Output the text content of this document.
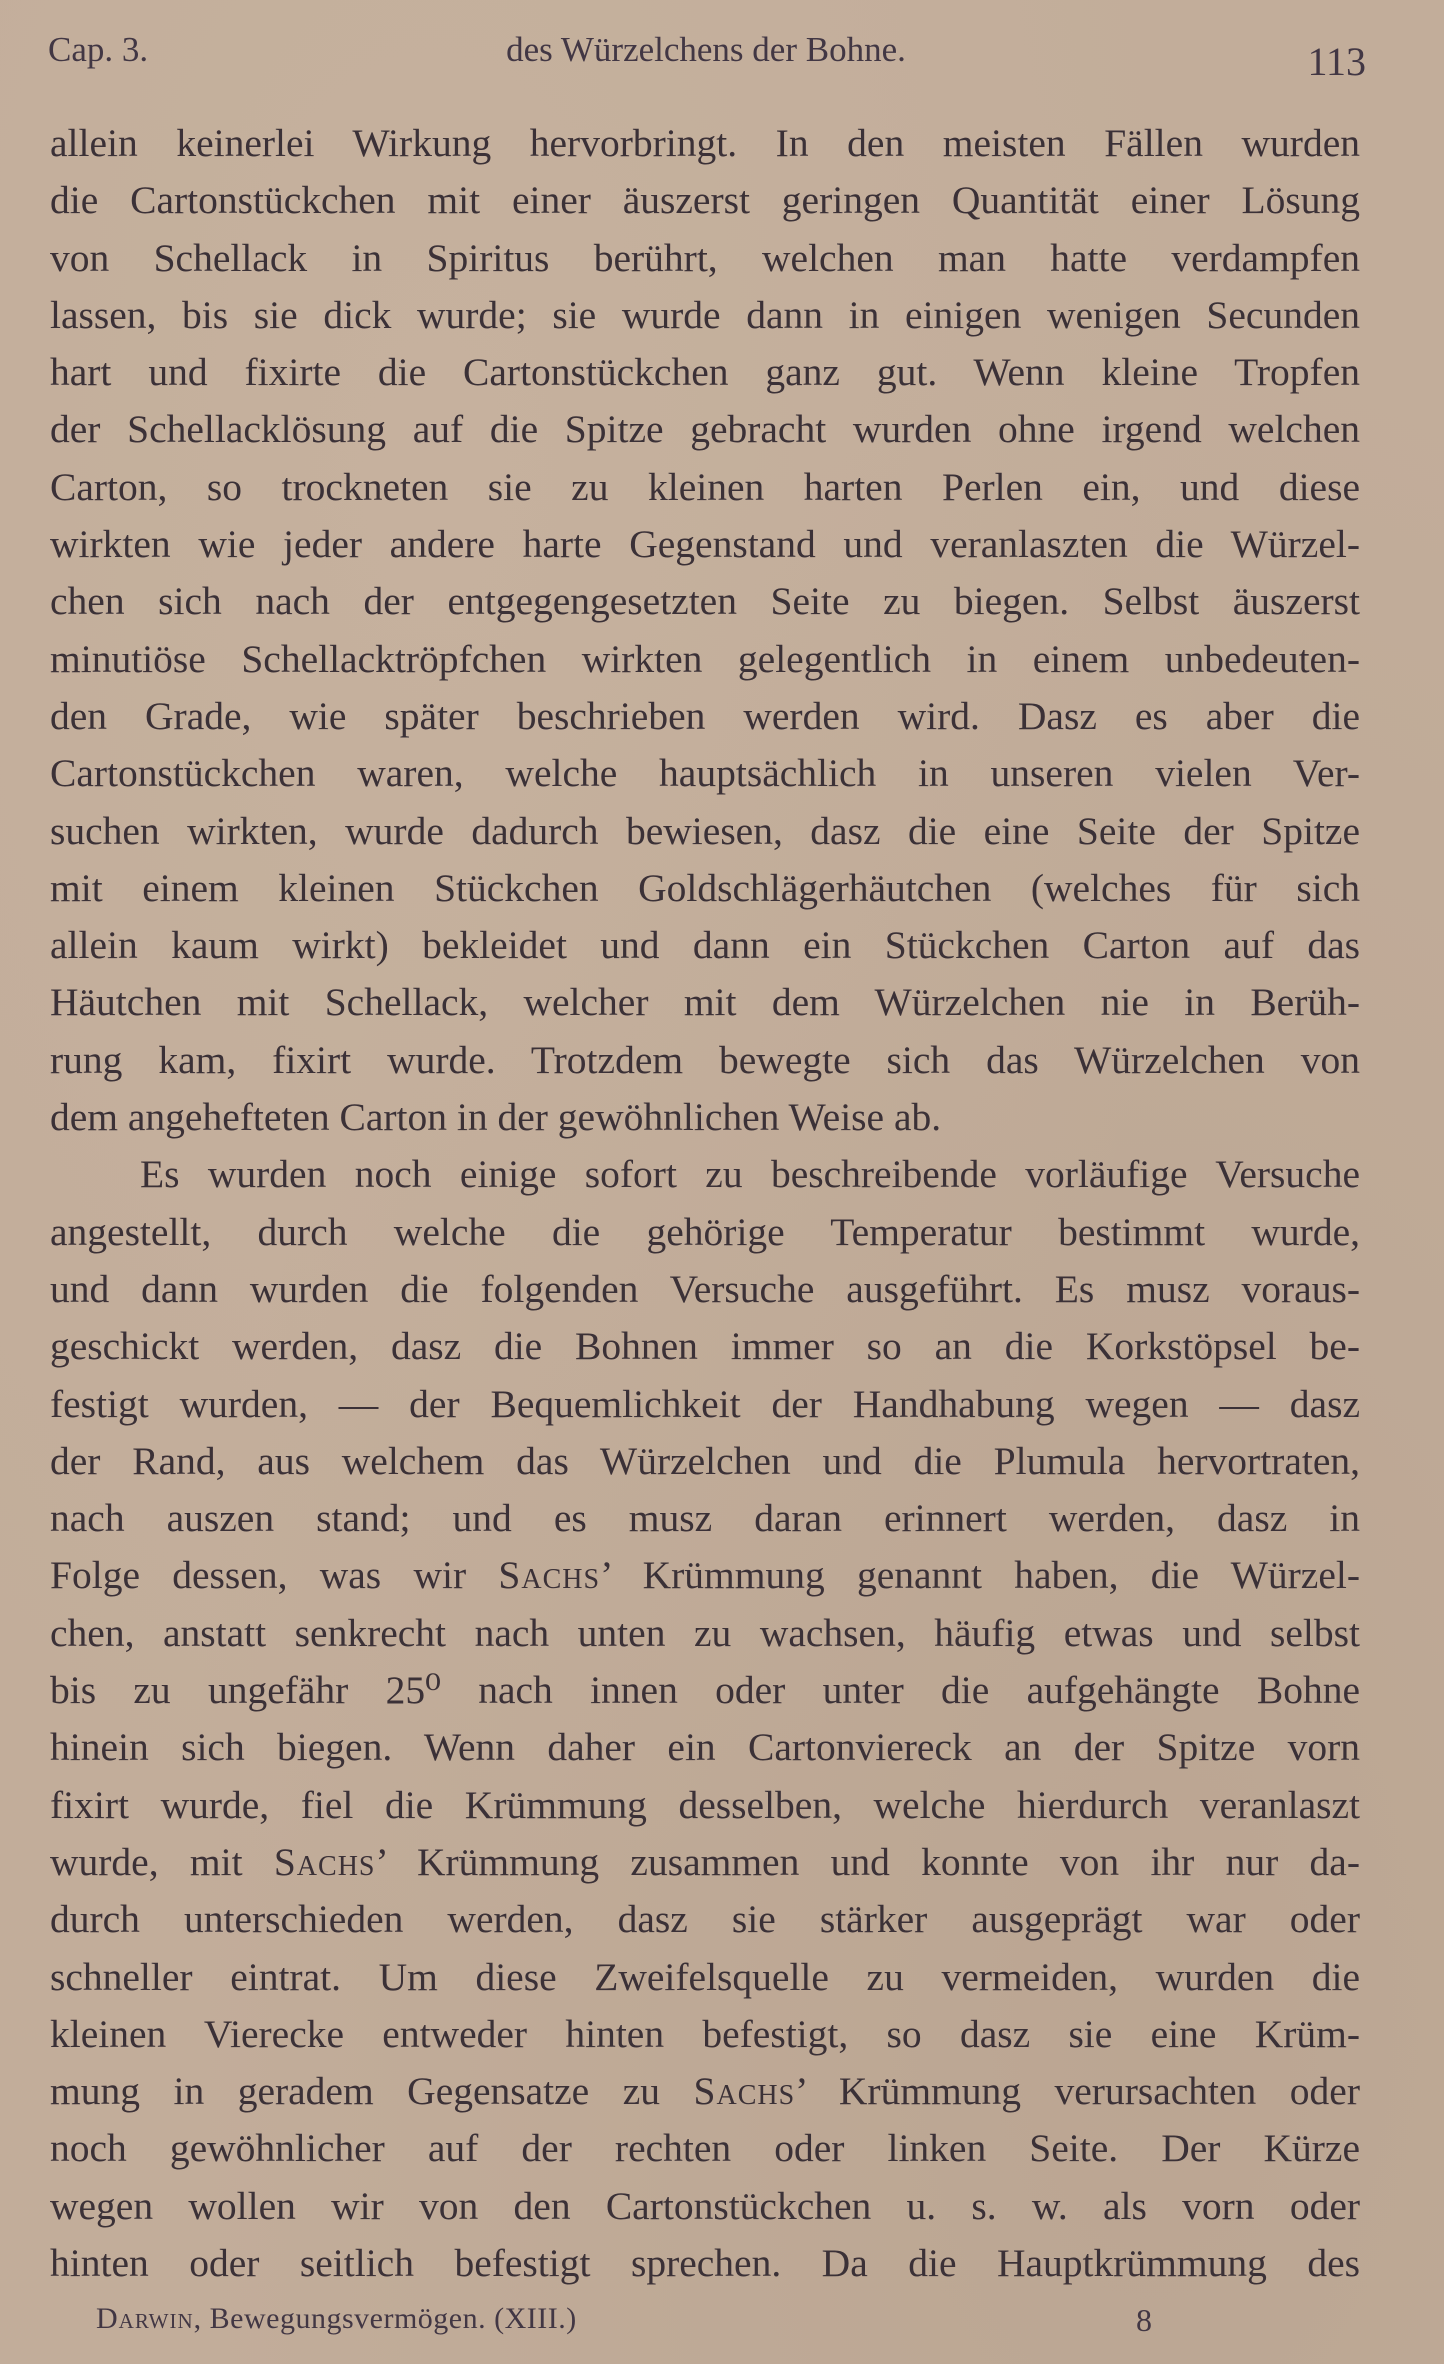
Cap. 3.	des Würzelchens der Bohne.	113
allein keinerlei Wirkung hervorbringt. In den meisten Fällen wurden
die Cartonstückchen mit einer äuszerst geringen Quantität einer Lösung
von Schellack in Spiritus berührt, welchen man hatte verdampfen
lassen, bis sie dick wurde; sie wurde dann in einigen wenigen Secunden
hart und fixirte die Cartonstückchen ganz gut. Wenn kleine Tropfen
der Schellacklösung auf die Spitze gebracht wurden ohne irgend welchen
Carton, so trockneten sie zu kleinen harten Perlen ein, und diese
wirkten wie jeder andere harte Gegenstand und veranlaszten die Würzel-
chen sich nach der entgegengesetzten Seite zu biegen. Selbst äuszerst
minutiöse Schellacktröpfchen wirkten gelegentlich in einem unbedeuten-
den Grade, wie später beschrieben werden wird. Dasz es aber die
Cartonstückchen waren, welche hauptsächlich in unseren vielen Ver-
suchen wirkten, wurde dadurch bewiesen, dasz die eine Seite der Spitze
mit einem kleinen Stückchen Goldschlägerhäutchen (welches für sich
allein kaum wirkt) bekleidet und dann ein Stückchen Carton auf das
Häutchen mit Schellack, welcher mit dem Würzelchen nie in Berüh-
rung kam, fixirt wurde. Trotzdem bewegte sich das Würzelchen von
dem angehefteten Carton in der gewöhnlichen Weise ab.
Es wurden noch einige sofort zu beschreibende vorläufige Versuche
angestellt, durch welche die gehörige Temperatur bestimmt wurde,
und dann wurden die folgenden Versuche ausgeführt. Es musz voraus-
geschickt werden, dasz die Bohnen immer so an die Korkstöpsel be-
festigt wurden, — der Bequemlichkeit der Handhabung wegen — dasz
der Rand, aus welchem das Würzelchen und die Plumula hervortraten,
nach auszen stand; und es musz daran erinnert werden, dasz in
Folge dessen, was wir Sachs’ Krümmung genannt haben, die Würzel-
chen, anstatt senkrecht nach unten zu wachsen, häufig etwas und selbst
bis zu ungefähr 25⁰ nach innen oder unter die aufgehängte Bohne
hinein sich biegen. Wenn daher ein Cartonviereck an der Spitze vorn
fixirt wurde, fiel die Krümmung desselben, welche hierdurch veranlaszt
wurde, mit Sachs’ Krümmung zusammen und konnte von ihr nur da-
durch unterschieden werden, dasz sie stärker ausgeprägt war oder
schneller eintrat. Um diese Zweifelsquelle zu vermeiden, wurden die
kleinen Vierecke entweder hinten befestigt, so dasz sie eine Krüm-
mung in geradem Gegensatze zu Sachs’ Krümmung verursachten oder
noch gewöhnlicher auf der rechten oder linken Seite. Der Kürze
wegen wollen wir von den Cartonstückchen u. s. w. als vorn oder
hinten oder seitlich befestigt sprechen. Da die Hauptkrümmung des
Darwin, Bewegungsvermögen. (XIII.)	8
